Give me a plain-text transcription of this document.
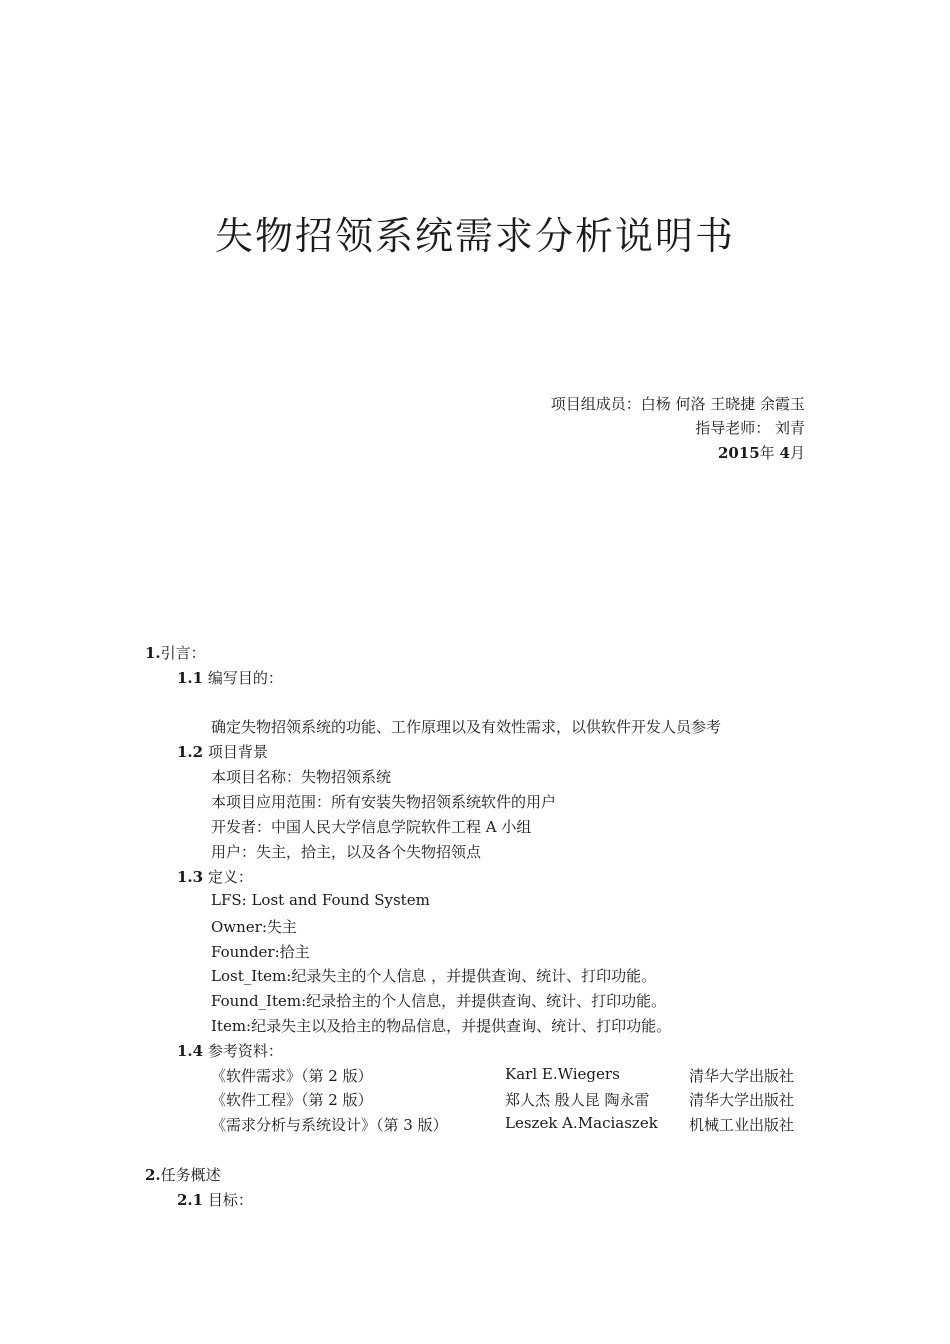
失物招领系统需求分析说明书
项目组成员：白杨 何洛 王晓捷 余霞玉
指导老师： 刘青
2015年 4月
1.引言：
1.1 编写目的：
确定失物招领系统的功能、工作原理以及有效性需求，以供软件开发人员参考
1.2 项目背景
本项目名称：失物招领系统
本项目应用范围：所有安装失物招领系统软件的用户
开发者：中国人民大学信息学院软件工程 A 小组
用户：失主，拾主，以及各个失物招领点
1.3 定义：
LFS: Lost and Found System
Owner:失主
Founder:拾主
Lost_Item:纪录失主的个人信息 ，并提供查询、统计、打印功能。
Found_Item:纪录拾主的个人信息，并提供查询、统计、打印功能。
Item:纪录失主以及拾主的物品信息，并提供查询、统计、打印功能。
1.4 参考资料：
《软件需求》（第 2 版）	Karl E.Wiegers	清华大学出版社
《软件工程》（第 2 版）	郑人杰 殷人昆 陶永雷	清华大学出版社
《需求分析与系统设计》（第 3 版）	Leszek A.Maciaszek 机械工业出版社
2.任务概述
2.1 目标：
